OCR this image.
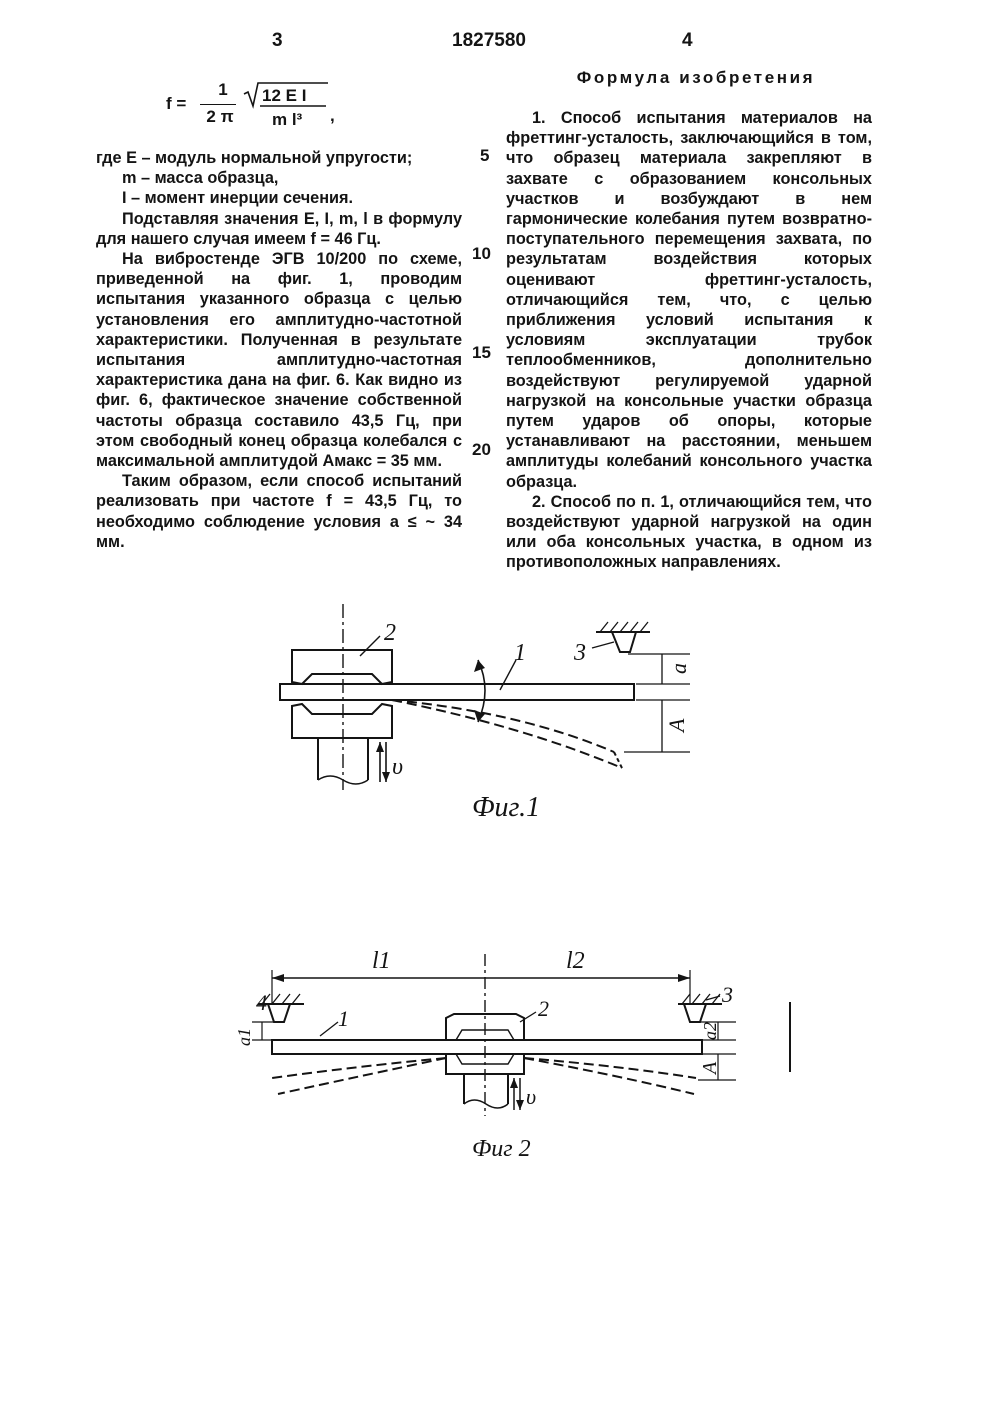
3	1827580	4
f =
1
2 π
12 E I
m l³ ,

где Е – модуль нормальной упругости;

m – масса образца,

I – момент инерции сечения.

Подставляя значения Е, I, m, l в формулу для нашего случая имеем f = 46 Гц.

На вибростенде ЭГВ 10/200 по схеме, приведенной на фиг. 1, проводим испытания указанного образца с целью установления его амплитудно-частотной характеристики. Полученная в результате испытания амплитудно-частотная характеристика дана на фиг. 6. Как видно из фиг. 6, фактическое значение собственной частоты образца составило 43,5 Гц, при этом свободный конец образца колебался с максимальной амплитудой Амакс = 35 мм.

Таким образом, если способ испытаний реализовать при частоте f = 43,5 Гц, то необходимо соблюдение условия а ≤ ~ 34 мм.

5
10
15
20
Формула изобретения

1. Способ испытания материалов на фреттинг-усталость, заключающийся в том, что образец материала закрепляют в захвате с образованием консольных участков и возбуждают в нем гармонические колебания путем возвратно-поступательного перемещения захвата, по результатам воздействия которых оценивают фреттинг-усталость, отличающийся тем, что, с целью приближения условий испытания к условиям эксплуатации трубок теплообменников, дополнительно воздействуют регулируемой ударной нагрузкой на консольные участки образца путем ударов об опоры, которые устанавливают на расстоянии, меньшем амплитуды колебаний консольного участка образца.

2. Способ по п. 1, отличающийся тем, что воздействуют ударной нагрузкой на один или оба консольных участка, в одном из противоположных направлениях.

2
1 3
a
A
υ
Фиг.1
l1	l2
4	3
1	2
a1	a2
A
υ
Фиг 2
